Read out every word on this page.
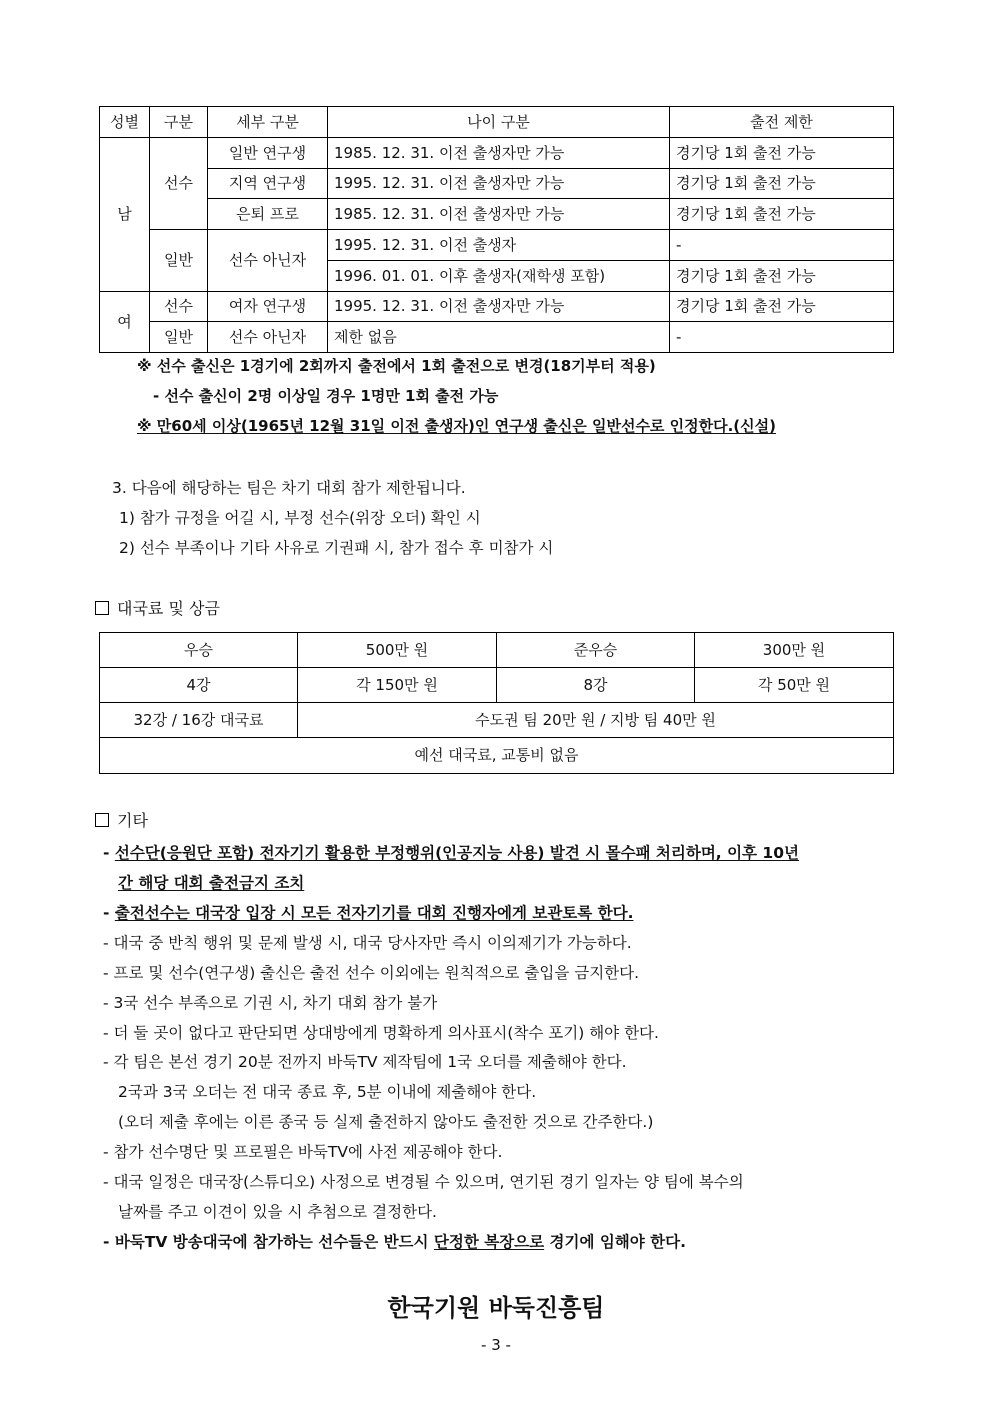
성별	구분	세부 구분	나이 구분	출전 제한
남	선수	일반 연구생	1985. 12. 31. 이전 출생자만 가능	경기당 1회 출전 가능
		지역 연구생	1995. 12. 31. 이전 출생자만 가능	경기당 1회 출전 가능
		은퇴 프로	1985. 12. 31. 이전 출생자만 가능	경기당 1회 출전 가능
	일반	선수 아닌자	1995. 12. 31. 이전 출생자	-
			1996. 01. 01. 이후 출생자(재학생 포함)	경기당 1회 출전 가능
여	선수	여자 연구생	1995. 12. 31. 이전 출생자만 가능	경기당 1회 출전 가능
	일반	선수 아닌자	제한 없음	-
※ 선수 출신은 1경기에 2회까지 출전에서 1회 출전으로 변경(18기부터 적용)
- 선수 출신이 2명 이상일 경우 1명만 1회 출전 가능
※ 만60세 이상(1965년 12월 31일 이전 출생자)인 연구생 출신은 일반선수로 인정한다.(신설)
3. 다음에 해당하는 팀은 차기 대회 참가 제한됩니다.
1) 참가 규정을 어길 시, 부정 선수(위장 오더) 확인 시
2) 선수 부족이나 기타 사유로 기권패 시, 참가 접수 후 미참가 시
대국료 및 상금
우승	500만 원	준우승	300만 원
4강	각 150만 원	8강	각 50만 원
32강 / 16강 대국료	수도권 팀 20만 원 / 지방 팀 40만 원		
예선 대국료, 교통비 없음			
기타
- 선수단(응원단 포함) 전자기기 활용한 부정행위(인공지능 사용) 발견 시 몰수패 처리하며, 이후 10년
간 해당 대회 출전금지 조치
- 출전선수는 대국장 입장 시 모든 전자기기를 대회 진행자에게 보관토록 한다.
- 대국 중 반칙 행위 및 문제 발생 시, 대국 당사자만 즉시 이의제기가 가능하다.
- 프로 및 선수(연구생) 출신은 출전 선수 이외에는 원칙적으로 출입을 금지한다.
- 3국 선수 부족으로 기권 시, 차기 대회 참가 불가
- 더 둘 곳이 없다고 판단되면 상대방에게 명확하게 의사표시(착수 포기) 해야 한다.
- 각 팀은 본선 경기 20분 전까지 바둑TV 제작팀에 1국 오더를 제출해야 한다.
2국과 3국 오더는 전 대국 종료 후, 5분 이내에 제출해야 한다.
(오더 제출 후에는 이른 종국 등 실제 출전하지 않아도 출전한 것으로 간주한다.)
- 참가 선수명단 및 프로필은 바둑TV에 사전 제공해야 한다.
- 대국 일정은 대국장(스튜디오) 사정으로 변경될 수 있으며, 연기된 경기 일자는 양 팀에 복수의
날짜를 주고 이견이 있을 시 추첨으로 결정한다.
- 바둑TV 방송대국에 참가하는 선수들은 반드시 단정한 복장으로 경기에 임해야 한다.
한국기원 바둑진흥팀
- 3 -
